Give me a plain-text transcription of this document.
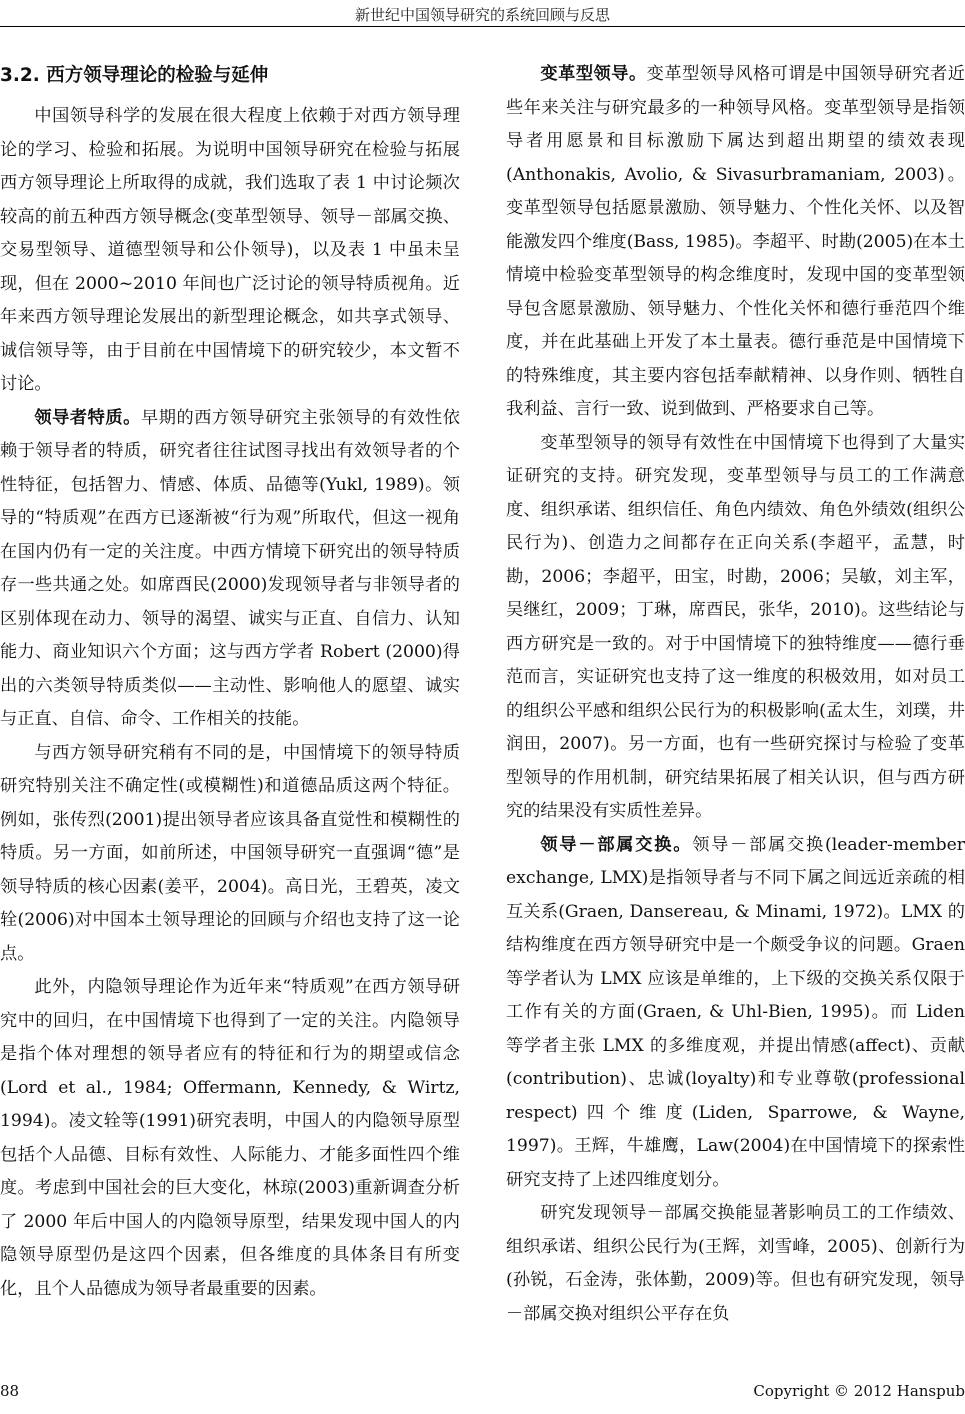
新世纪中国领导研究的系统回顾与反思
3.2. 西方领导理论的检验与延伸

中国领导科学的发展在很大程度上依赖于对西方领导理论的学习、检验和拓展。为说明中国领导研究在检验与拓展西方领导理论上所取得的成就，我们选取了表 1 中讨论频次较高的前五种西方领导概念(变革型领导、领导－部属交换、交易型领导、道德型领导和公仆领导)，以及表 1 中虽未呈现，但在 2000~2010 年间也广泛讨论的领导特质视角。近年来西方领导理论发展出的新型理论概念，如共享式领导、诚信领导等，由于目前在中国情境下的研究较少，本文暂不讨论。

领导者特质。早期的西方领导研究主张领导的有效性依赖于领导者的特质，研究者往往试图寻找出有效领导者的个性特征，包括智力、情感、体质、品德等(Yukl, 1989)。领导的“特质观”在西方已逐渐被“行为观”所取代，但这一视角在国内仍有一定的关注度。中西方情境下研究出的领导特质存一些共通之处。如席酉民(2000)发现领导者与非领导者的区别体现在动力、领导的渴望、诚实与正直、自信力、认知能力、商业知识六个方面；这与西方学者 Robert (2000)得出的六类领导特质类似——主动性、影响他人的愿望、诚实与正直、自信、命令、工作相关的技能。

与西方领导研究稍有不同的是，中国情境下的领导特质研究特别关注不确定性(或模糊性)和道德品质这两个特征。例如，张传烈(2001)提出领导者应该具备直觉性和模糊性的特质。另一方面，如前所述，中国领导研究一直强调“德”是领导特质的核心因素(姜平，2004)。高日光，王碧英，凌文辁(2006)对中国本土领导理论的回顾与介绍也支持了这一论点。

此外，内隐领导理论作为近年来“特质观”在西方领导研究中的回归，在中国情境下也得到了一定的关注。内隐领导是指个体对理想的领导者应有的特征和行为的期望或信念(Lord et al., 1984; Offermann, Kennedy, & Wirtz, 1994)。凌文辁等(1991)研究表明，中国人的内隐领导原型包括个人品德、目标有效性、人际能力、才能多面性四个维度。考虑到中国社会的巨大变化，林琼(2003)重新调查分析了 2000 年后中国人的内隐领导原型，结果发现中国人的内隐领导原型仍是这四个因素，但各维度的具体条目有所变化，且个人品德成为领导者最重要的因素。

变革型领导。变革型领导风格可谓是中国领导研究者近些年来关注与研究最多的一种领导风格。变革型领导是指领导者用愿景和目标激励下属达到超出期望的绩效表现(Anthonakis, Avolio, & Sivasurbramaniam, 2003)。变革型领导包括愿景激励、领导魅力、个性化关怀、以及智能激发四个维度(Bass, 1985)。李超平、时勘(2005)在本土情境中检验变革型领导的构念维度时，发现中国的变革型领导包含愿景激励、领导魅力、个性化关怀和德行垂范四个维度，并在此基础上开发了本土量表。德行垂范是中国情境下的特殊维度，其主要内容包括奉献精神、以身作则、牺牲自我利益、言行一致、说到做到、严格要求自己等。

变革型领导的领导有效性在中国情境下也得到了大量实证研究的支持。研究发现，变革型领导与员工的工作满意度、组织承诺、组织信任、角色内绩效、角色外绩效(组织公民行为)、创造力之间都存在正向关系(李超平，孟慧，时勘，2006；李超平，田宝，时勘，2006；吴敏，刘主军，吴继红，2009；丁琳，席酉民，张华，2010)。这些结论与西方研究是一致的。对于中国情境下的独特维度——德行垂范而言，实证研究也支持了这一维度的积极效用，如对员工的组织公平感和组织公民行为的积极影响(孟太生，刘璞，井润田，2007)。另一方面，也有一些研究探讨与检验了变革型领导的作用机制，研究结果拓展了相关认识，但与西方研究的结果没有实质性差异。

领导－部属交换。领导－部属交换(leader-member exchange, LMX)是指领导者与不同下属之间远近亲疏的相互关系(Graen, Dansereau, & Minami, 1972)。LMX 的结构维度在西方领导研究中是一个颇受争议的问题。Graen 等学者认为 LMX 应该是单维的，上下级的交换关系仅限于工作有关的方面(Graen, & Uhl-Bien, 1995)。而 Liden 等学者主张 LMX 的多维度观，并提出情感(affect)、贡献(contribution)、忠诚(loyalty)和专业尊敬(professional respect)四个维度(Liden, Sparrowe, & Wayne, 1997)。王辉，牛雄鹰，Law(2004)在中国情境下的探索性研究支持了上述四维度划分。

研究发现领导－部属交换能显著影响员工的工作绩效、组织承诺、组织公民行为(王辉，刘雪峰，2005)、创新行为(孙锐，石金涛，张体勤，2009)等。但也有研究发现，领导－部属交换对组织公平存在负

88	Copyright © 2012 Hanspub
